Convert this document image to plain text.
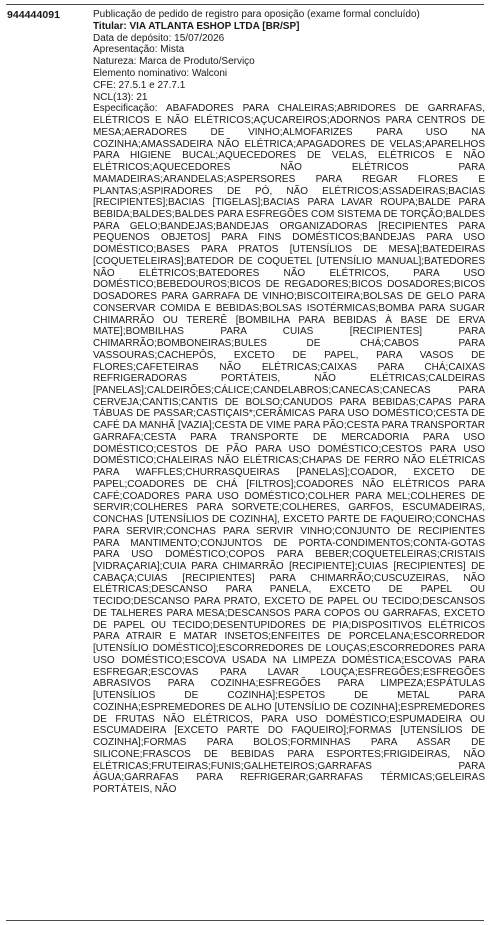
944444091	Publicação de pedido de registro para oposição (exame formal concluído)
Titular: VIA ATLANTA ESHOP LTDA [BR/SP]
Data de depósito: 15/07/2026
Apresentação: Mista
Natureza: Marca de Produto/Serviço
Elemento nominativo: Walconi
CFE: 27.5.1 e 27.7.1
NCL(13): 21
Especificação: ABAFADORES PARA CHALEIRAS;ABRIDORES DE GARRAFAS, ELÉTRICOS E NÃO ELÉTRICOS;AÇUCAREIROS;ADORNOS PARA CENTROS DE MESA;AERADORES DE VINHO;ALMOFARIZES PARA USO NA COZINHA;AMASSADEIRA NÃO ELÉTRICA;APAGADORES DE VELAS;APARELHOS PARA HIGIENE BUCAL;AQUECEDORES DE VELAS, ELÉTRICOS E NÃO ELÉTRICOS;AQUECEDORES NÃO ELÉTRICOS PARA MAMADEIRAS;ARANDELAS;ASPERSORES PARA REGAR FLORES E PLANTAS;ASPIRADORES DE PÓ, NÃO ELÉTRICOS;ASSADEIRAS;BACIAS [RECIPIENTES];BACIAS [TIGELAS];BACIAS PARA LAVAR ROUPA;BALDE PARA BEBIDA;BALDES;BALDES PARA ESFREGÕES COM SISTEMA DE TORÇÃO;BALDES PARA GELO;BANDEJAS;BANDEJAS ORGANIZADORAS [RECIPIENTES PARA PEQUENOS OBJETOS] PARA FINS DOMÉSTICOS;BANDEJAS PARA USO DOMÉSTICO;BASES PARA PRATOS [UTENSÍLIOS DE MESA];BATEDEIRAS [COQUETELEIRAS];BATEDOR DE COQUETEL [UTENSÍLIO MANUAL];BATEDORES NÃO ELÉTRICOS;BATEDORES NÃO ELÉTRICOS, PARA USO DOMÉSTICO;BEBEDOUROS;BICOS DE REGADORES;BICOS DOSADORES;BICOS DOSADORES PARA GARRAFA DE VINHO;BISCOITEIRA;BOLSAS DE GELO PARA CONSERVAR COMIDA E BEBIDAS;BOLSAS ISOTÉRMICAS;BOMBA PARA SUGAR CHIMARRÃO OU TERERÊ [BOMBILHA PARA BEBIDAS À BASE DE ERVA MATE];BOMBILHAS PARA CUIAS [RECIPIENTES] PARA CHIMARRÃO;BOMBONEIRAS;BULES DE CHÁ;CABOS PARA VASSOURAS;CACHEPÔS, EXCETO DE PAPEL, PARA VASOS DE FLORES;CAFETEIRAS NÃO ELÉTRICAS;CAIXAS PARA CHÁ;CAIXAS REFRIGERADORAS PORTÁTEIS, NÃO ELÉTRICAS;CALDEIRAS [PANELAS];CALDEIRÕES;CÁLICE;CANDELABROS;CANECAS;CANECAS PARA CERVEJA;CANTIS;CANTIS DE BOLSO;CANUDOS PARA BEBIDAS;CAPAS PARA TÁBUAS DE PASSAR;CASTIÇAIS*;CERÂMICAS PARA USO DOMÉSTICO;CESTA DE CAFÉ DA MANHÃ [VAZIA];CESTA DE VIME PARA PÃO;CESTA PARA TRANSPORTAR GARRAFA;CESTA PARA TRANSPORTE DE MERCADORIA PARA USO DOMÉSTICO;CESTOS DE PÃO PARA USO DOMÉSTICO;CESTOS PARA USO DOMÉSTICO;CHALEIRAS NÃO ELÉTRICAS;CHAPAS DE FERRO NÃO ELÉTRICAS PARA WAFFLES;CHURRASQUEIRAS [PANELAS];COADOR, EXCETO DE PAPEL;COADORES DE CHÁ [FILTROS];COADORES NÃO ELÉTRICOS PARA CAFÉ;COADORES PARA USO DOMÉSTICO;COLHER PARA MEL;COLHERES DE SERVIR;COLHERES PARA SORVETE;COLHERES, GARFOS, ESCUMADEIRAS, CONCHAS [UTENSÍLIOS DE COZINHA], EXCETO PARTE DE FAQUEIRO;CONCHAS PARA SERVIR;CONCHAS PARA SERVIR VINHO;CONJUNTO DE RECIPIENTES PARA MANTIMENTO;CONJUNTOS DE PORTA-CONDIMENTOS;CONTA-GOTAS PARA USO DOMÉSTICO;COPOS PARA BEBER;COQUETELEIRAS;CRISTAIS [VIDRAÇARIA];CUIA PARA CHIMARRÃO [RECIPIENTE];CUIAS [RECIPIENTES] DE CABAÇA;CUIAS [RECIPIENTES] PARA CHIMARRÃO;CUSCUZEIRAS, NÃO ELÉTRICAS;DESCANSO PARA PANELA, EXCETO DE PAPEL OU TECIDO;DESCANSO PARA PRATO, EXCETO DE PAPEL OU TECIDO;DESCANSOS DE TALHERES PARA MESA;DESCANSOS PARA COPOS OU GARRAFAS, EXCETO DE PAPEL OU TECIDO;DESENTUPIDORES DE PIA;DISPOSITIVOS ELÉTRICOS PARA ATRAIR E MATAR INSETOS;ENFEITES DE PORCELANA;ESCORREDOR [UTENSÍLIO DOMÉSTICO];ESCORREDORES DE LOUÇAS;ESCORREDORES PARA USO DOMÉSTICO;ESCOVA USADA NA LIMPEZA DOMÉSTICA;ESCOVAS PARA ESFREGAR;ESCOVAS PARA LAVAR LOUÇA;ESFREGÕES;ESFREGÕES ABRASIVOS PARA COZINHA;ESFREGÕES PARA LIMPEZA;ESPÁTULAS [UTENSÍLIOS DE COZINHA];ESPETOS DE METAL PARA COZINHA;ESPREMEDORES DE ALHO [UTENSÍLIO DE COZINHA];ESPREMEDORES DE FRUTAS NÃO ELÉTRICOS, PARA USO DOMÉSTICO;ESPUMADEIRA OU ESCUMADEIRA [EXCETO PARTE DO FAQUEIRO];FORMAS [UTENSÍLIOS DE COZINHA];FORMAS PARA BOLOS;FORMINHAS PARA ASSAR DE SILICONE;FRASCOS DE BEBIDAS PARA ESPORTES;FRIGIDEIRAS, NÃO ELÉTRICAS;FRUTEIRAS;FUNIS;GALHETEIROS;GARRAFAS PARA ÁGUA;GARRAFAS PARA REFRIGERAR;GARRAFAS TÉRMICAS;GELEIRAS PORTÁTEIS, NÃO
